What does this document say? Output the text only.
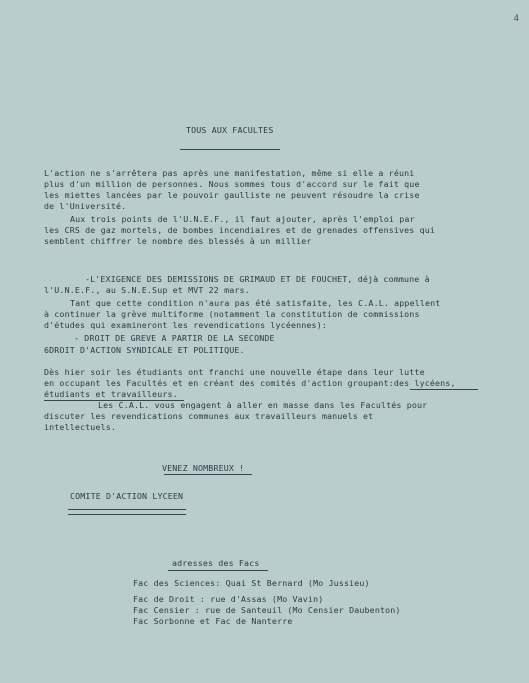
4
TOUS AUX FACULTES
L'action ne s'arrêtera pas après une manifestation, même si elle a réuni
plus d'un million de personnes. Nous sommes tous d'accord sur le fait que
les miettes lancées par le pouvoir gaulliste ne peuvent résoudre la crise
de l'Université.
Aux trois points de l'U.N.E.F., il faut ajouter, après l'emploi par
les CRS de gaz mortels, de bombes incendiaires et de grenades offensives qui
semblent chiffrer le nombre des blessés à un millier
-L'EXIGENCE DES DEMISSIONS DE GRIMAUD ET DE FOUCHET, déjà commune à
l'U.N.E.F., au S.N.E.Sup et MVT 22 mars.
Tant que cette condition n'aura pas été satisfaite, les C.A.L. appellent
à continuer la grève multiforme (notamment la constitution de commissions
d'études qui examineront les revendications lycéennes):
- DROIT DE GREVE A PARTIR DE LA SECONDE
6DROIT D'ACTION SYNDICALE ET POLITIQUE.
Dès hier soir les étudiants ont franchi une nouvelle étape dans leur lutte
en occupant les Facultés et en créant des comités d'action groupant:des lycéens,
étudiants et travailleurs.
Les C.A.L. vous engagent à aller en masse dans les Facultés pour
discuter les revendications communes aux travailleurs manuels et
intellectuels.
VENEZ NOMBREUX !
COMITE D'ACTION LYCEEN
adresses des Facs
Fac des Sciences: Quai St Bernard (Mo Jussieu)
Fac de Droit : rue d'Assas (Mo Vavin)
Fac Censier : rue de Santeuil (Mo Censier Daubenton)
Fac Sorbonne et Fac de Nanterre
